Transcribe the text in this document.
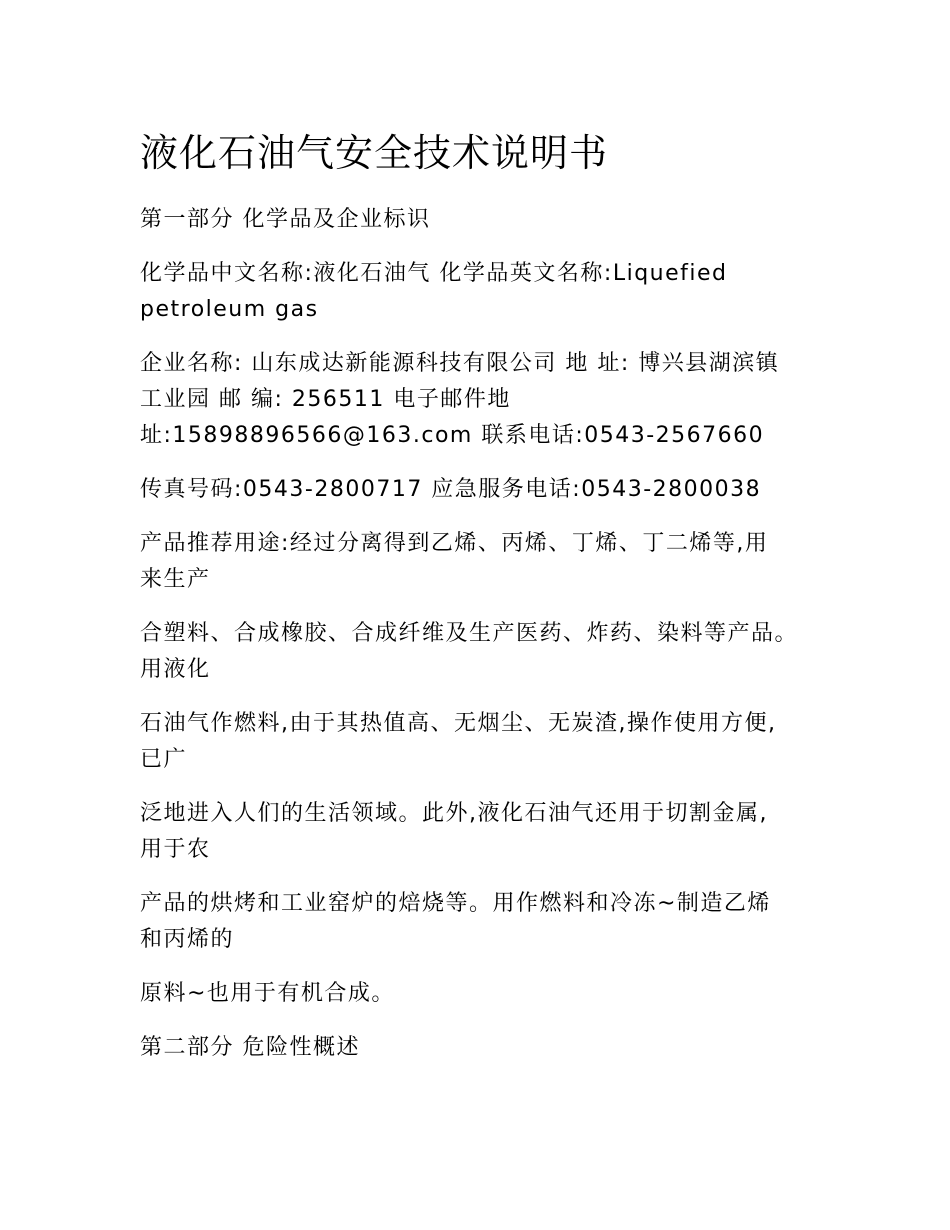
液化石油气安全技术说明书
第一部分 化学品及企业标识
化学品中文名称:液化石油气 化学品英文名称:Liquefied
petroleum gas
企业名称: 山东成达新能源科技有限公司 地 址: 博兴县湖滨镇
工业园 邮 编: 256511 电子邮件地
址:15898896566@163.com 联系电话:0543-2567660
传真号码:0543-2800717 应急服务电话:0543-2800038
产品推荐用途:经过分离得到乙烯、丙烯、丁烯、丁二烯等,用
来生产
合塑料、合成橡胶、合成纤维及生产医药、炸药、染料等产品。
用液化
石油气作燃料,由于其热值高、无烟尘、无炭渣,操作使用方便,
已广
泛地进入人们的生活领域。此外,液化石油气还用于切割金属,
用于农
产品的烘烤和工业窑炉的焙烧等。用作燃料和冷冻~制造乙烯
和丙烯的
原料~也用于有机合成。
第二部分 危险性概述
